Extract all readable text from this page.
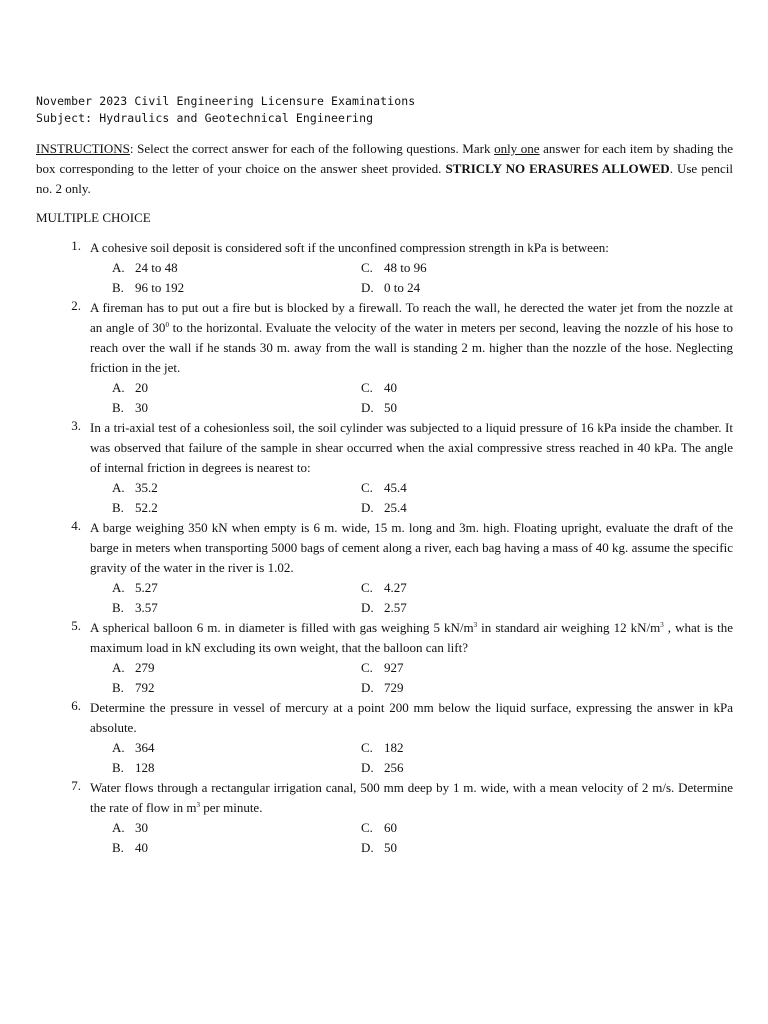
November 2023 Civil Engineering Licensure Examinations
Subject: Hydraulics and Geotechnical Engineering
INSTRUCTIONS: Select the correct answer for each of the following questions. Mark only one answer for each item by shading the box corresponding to the letter of your choice on the answer sheet provided. STRICLY NO ERASURES ALLOWED. Use pencil no. 2 only.
MULTIPLE CHOICE
1. A cohesive soil deposit is considered soft if the unconfined compression strength in kPa is between:
A. 24 to 48	C. 48 to 96
B. 96 to 192	D. 0 to 24
2. A fireman has to put out a fire but is blocked by a firewall. To reach the wall, he derected the water jet from the nozzle at an angle of $30^0$ to the horizontal. Evaluate the velocity of the water in meters per second, leaving the nozzle of his hose to reach over the wall if he stands 30 m. away from the wall is standing 2 m. higher than the nozzle of the hose. Neglecting friction in the jet.
A. 20	C. 40
B. 30	D. 50
3. In a tri-axial test of a cohesionless soil, the soil cylinder was subjected to a liquid pressure of 16 kPa inside the chamber. It was observed that failure of the sample in shear occurred when the axial compressive stress reached in 40 kPa. The angle of internal friction in degrees is nearest to:
A. 35.2	C. 45.4
B. 52.2	D. 25.4
4. A barge weighing 350 kN when empty is 6 m. wide, 15 m. long and 3m. high. Floating upright, evaluate the draft of the barge in meters when transporting 5000 bags of cement along a river, each bag having a mass of 40 kg. assume the specific gravity of the water in the river is 1.02.
A. 5.27	C. 4.27
B. 3.57	D. 2.57
5. A spherical balloon 6 m. in diameter is filled with gas weighing 5 $kN/m^3$ in standard air weighing 12 $kN/m^3$ , what is the maximum load in kN excluding its own weight, that the balloon can lift?
A. 279	C. 927
B. 792	D. 729
6. Determine the pressure in vessel of mercury at a point 200 mm below the liquid surface, expressing the answer in kPa absolute.
A. 364	C. 182
B. 128	D. 256
7. Water flows through a rectangular irrigation canal, 500 mm deep by 1 m. wide, with a mean velocity of 2 m/s. Determine the rate of flow in $m^3$ per minute.
A. 30	C. 60
B. 40	D. 50
